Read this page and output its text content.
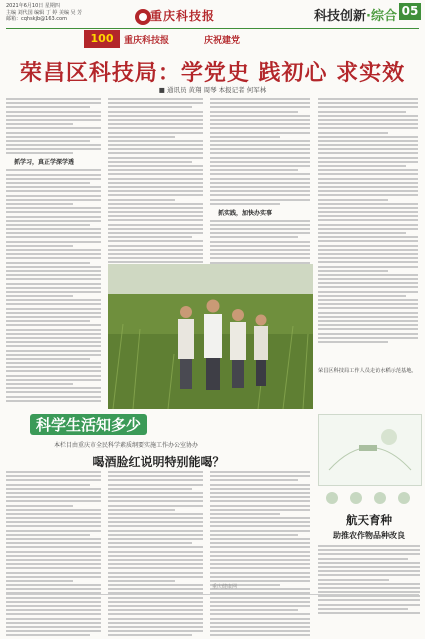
2021年6月10日 星期四
主编 刘代国 编辑 丁 婷 美编 吴 芳
邮箱：cqhskjb@163.com	重庆科技报	科技创新·综合 05
100	重庆科技报	庆祝建党
荣昌区科技局：学党史 践初心 求实效
■ 通讯员 黄翔 周琴 本报记者 何军林
抓学习，真正学深学透
抓实践，加快办实事
荣昌区科技局工作人员走访水稻示范基地。
科学生活知多少
本栏目由重庆市全民科学素质纲要实施工作办公室协办
喝酒脸红说明特别能喝？
航天育种
助推农作物品种改良
重庆健康网
